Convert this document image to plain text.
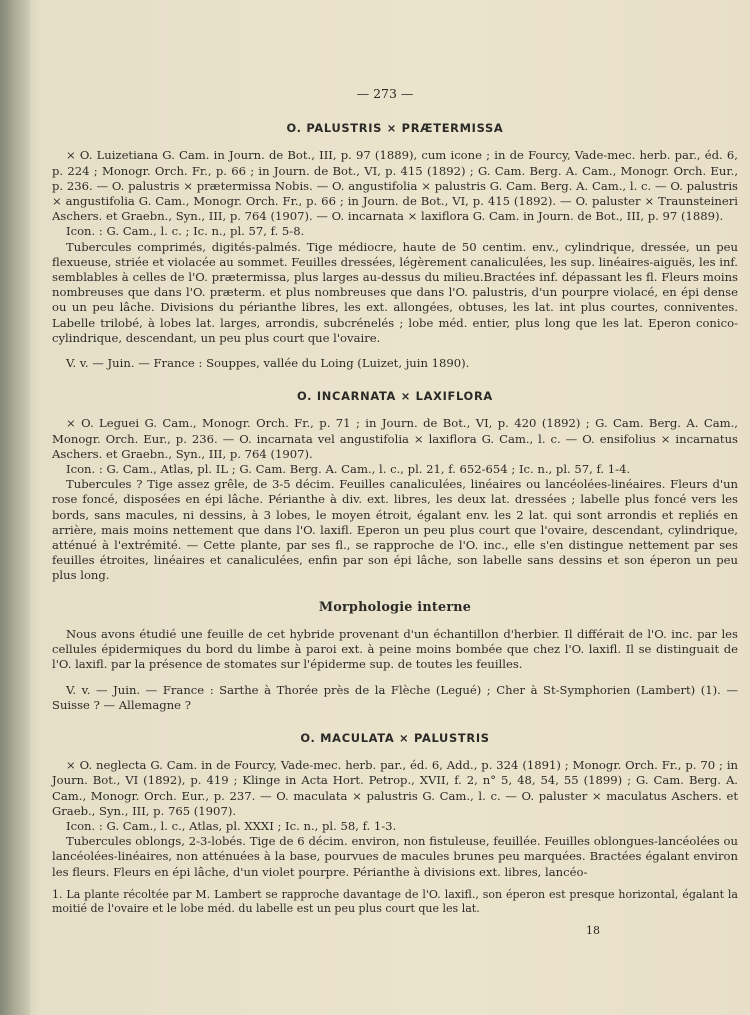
— 273 —
O. PALUSTRIS × PRÆTERMISSA

× O. Luizetiana G. Cam. in Journ. de Bot., III, p. 97 (1889), cum icone ; in de Fourcy, Vade-mec. herb. par., éd. 6, p. 224 ; Monogr. Orch. Fr., p. 66 ; in Journ. de Bot., VI, p. 415 (1892) ; G. Cam. Berg. A. Cam., Monogr. Orch. Eur., p. 236. — O. palustris × prætermissa Nobis. — O. angustifolia × palustris G. Cam. Berg. A. Cam., l. c. — O. palustris × angustifolia G. Cam., Monogr. Orch. Fr., p. 66 ; in Journ. de Bot., VI, p. 415 (1892). — O. paluster × Traunsteineri Aschers. et Graebn., Syn., III, p. 764 (1907). — O. incarnata × laxiflora G. Cam. in Journ. de Bot., III, p. 97 (1889).

Icon. : G. Cam., l. c. ; Ic. n., pl. 57, f. 5-8.

Tubercules comprimés, digités-palmés. Tige médiocre, haute de 50 centim. env., cylindrique, dressée, un peu flexueuse, striée et violacée au sommet. Feuilles dressées, légèrement canaliculées, les sup. linéaires-aiguës, les inf. semblables à celles de l'O. prætermissa, plus larges au-dessus du milieu.Bractées inf. dépassant les fl. Fleurs moins nombreuses que dans l'O. præterm. et plus nombreuses que dans l'O. palustris, d'un pourpre violacé, en épi dense ou un peu lâche. Divisions du périanthe libres, les ext. allongées, obtuses, les lat. int plus courtes, conniventes. Labelle trilobé, à lobes lat. larges, arrondis, subcrénelés ; lobe méd. entier, plus long que les lat. Eperon conico-cylindrique, descendant, un peu plus court que l'ovaire.

V. v. — Juin. — France : Souppes, vallée du Loing (Luizet, juin 1890).

O. INCARNATA × LAXIFLORA

× O. Leguei G. Cam., Monogr. Orch. Fr., p. 71 ; in Journ. de Bot., VI, p. 420 (1892) ; G. Cam. Berg. A. Cam., Monogr. Orch. Eur., p. 236. — O. incarnata vel angustifolia × laxiflora G. Cam., l. c. — O. ensifolius × incarnatus Aschers. et Graebn., Syn., III, p. 764 (1907).

Icon. : G. Cam., Atlas, pl. IL ; G. Cam. Berg. A. Cam., l. c., pl. 21, f. 652-654 ; Ic. n., pl. 57, f. 1-4.

Tubercules ? Tige assez grêle, de 3-5 décim. Feuilles canaliculées, linéaires ou lancéolées-linéaires. Fleurs d'un rose foncé, disposées en épi lâche. Périanthe à div. ext. libres, les deux lat. dressées ; labelle plus foncé vers les bords, sans macules, ni dessins, à 3 lobes, le moyen étroit, égalant env. les 2 lat. qui sont arrondis et repliés en arrière, mais moins nettement que dans l'O. laxifl. Eperon un peu plus court que l'ovaire, descendant, cylindrique, atténué à l'extrémité. — Cette plante, par ses fl., se rapproche de l'O. inc., elle s'en distingue nettement par ses feuilles étroites, linéaires et canaliculées, enfin par son épi lâche, son labelle sans dessins et son éperon un peu plus long.

Morphologie interne

Nous avons étudié une feuille de cet hybride provenant d'un échantillon d'herbier. Il différait de l'O. inc. par les cellules épidermiques du bord du limbe à paroi ext. à peine moins bombée que chez l'O. laxifl. Il se distinguait de l'O. laxifl. par la présence de stomates sur l'épiderme sup. de toutes les feuilles.

V. v. — Juin. — France : Sarthe à Thorée près de la Flèche (Legué) ; Cher à St-Symphorien (Lambert) (1). — Suisse ? — Allemagne ?

O. MACULATA × PALUSTRIS

× O. neglecta G. Cam. in de Fourcy, Vade-mec. herb. par., éd. 6, Add., p. 324 (1891) ; Monogr. Orch. Fr., p. 70 ; in Journ. Bot., VI (1892), p. 419 ; Klinge in Acta Hort. Petrop., XVII, f. 2, n° 5, 48, 54, 55 (1899) ; G. Cam. Berg. A. Cam., Monogr. Orch. Eur., p. 237. — O. maculata × palustris G. Cam., l. c. — O. paluster × maculatus Aschers. et Graeb., Syn., III, p. 765 (1907).

Icon. : G. Cam., l. c., Atlas, pl. XXXI ; Ic. n., pl. 58, f. 1-3.

Tubercules oblongs, 2-3-lobés. Tige de 6 décim. environ, non fistuleuse, feuillée. Feuilles oblongues-lancéolées ou lancéolées-linéaires, non atténuées à la base, pourvues de macules brunes peu marquées. Bractées égalant environ les fleurs. Fleurs en épi lâche, d'un violet pourpre. Périanthe à divisions ext. libres, lancéo-

1. La plante récoltée par M. Lambert se rapproche davantage de l'O. laxifl., son éperon est presque horizontal, égalant la moitié de l'ovaire et le lobe méd. du labelle est un peu plus court que les lat.
18
